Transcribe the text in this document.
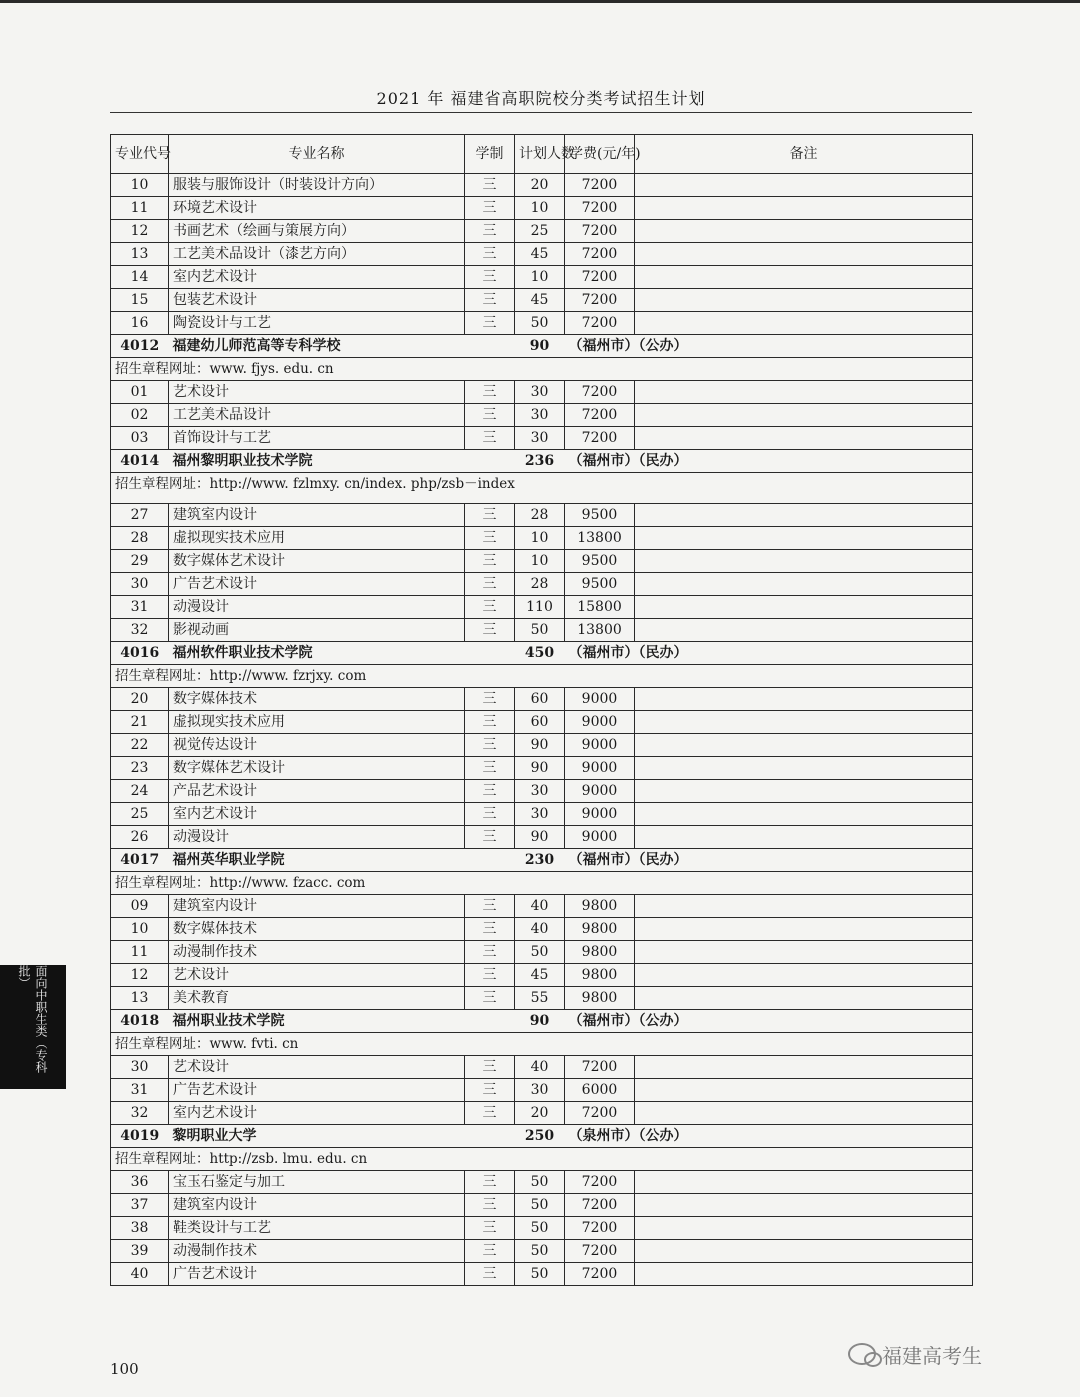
2021 年 福建省高职院校分类考试招生计划
专业代号	专业名称	学制	计划人数	学费(元/年)	备注
10	服装与服饰设计（时装设计方向）	三	20	7200	
11	环境艺术设计	三	10	7200	
12	书画艺术（绘画与策展方向）	三	25	7200	
13	工艺美术品设计（漆艺方向）	三	45	7200	
14	室内艺术设计	三	10	7200	
15	包装艺术设计	三	45	7200	
16	陶瓷设计与工艺	三	50	7200	
4012	福建幼儿师范高等专科学校		90	（福州市）（公办）	
招生章程网址：www. fjys. edu. cn					
01	艺术设计	三	30	7200	
02	工艺美术品设计	三	30	7200	
03	首饰设计与工艺	三	30	7200	
4014	福州黎明职业技术学院		236	（福州市）（民办）	
招生章程网址：http://www. fzlmxy. cn/index. php/zsb－index					
27	建筑室内设计	三	28	9500	
28	虚拟现实技术应用	三	10	13800	
29	数字媒体艺术设计	三	10	9500	
30	广告艺术设计	三	28	9500	
31	动漫设计	三	110	15800	
32	影视动画	三	50	13800	
4016	福州软件职业技术学院		450	（福州市）（民办）	
招生章程网址：http://www. fzrjxy. com					
20	数字媒体技术	三	60	9000	
21	虚拟现实技术应用	三	60	9000	
22	视觉传达设计	三	90	9000	
23	数字媒体艺术设计	三	90	9000	
24	产品艺术设计	三	30	9000	
25	室内艺术设计	三	30	9000	
26	动漫设计	三	90	9000	
4017	福州英华职业学院		230	（福州市）（民办）	
招生章程网址：http://www. fzacc. com					
09	建筑室内设计	三	40	9800	
10	数字媒体技术	三	40	9800	
11	动漫制作技术	三	50	9800	
12	艺术设计	三	45	9800	
13	美术教育	三	55	9800	
4018	福州职业技术学院		90	（福州市）（公办）	
招生章程网址：www. fvti. cn					
30	艺术设计	三	40	7200	
31	广告艺术设计	三	30	6000	
32	室内艺术设计	三	20	7200	
4019	黎明职业大学		250	（泉州市）（公办）	
招生章程网址：http://zsb. lmu. edu. cn					
36	宝玉石鉴定与加工	三	50	7200	
37	建筑室内设计	三	50	7200	
38	鞋类设计与工艺	三	50	7200	
39	动漫制作技术	三	50	7200	
40	广告艺术设计	三	50	7200	
面向中职生类（专科批）
100
福建高考生
